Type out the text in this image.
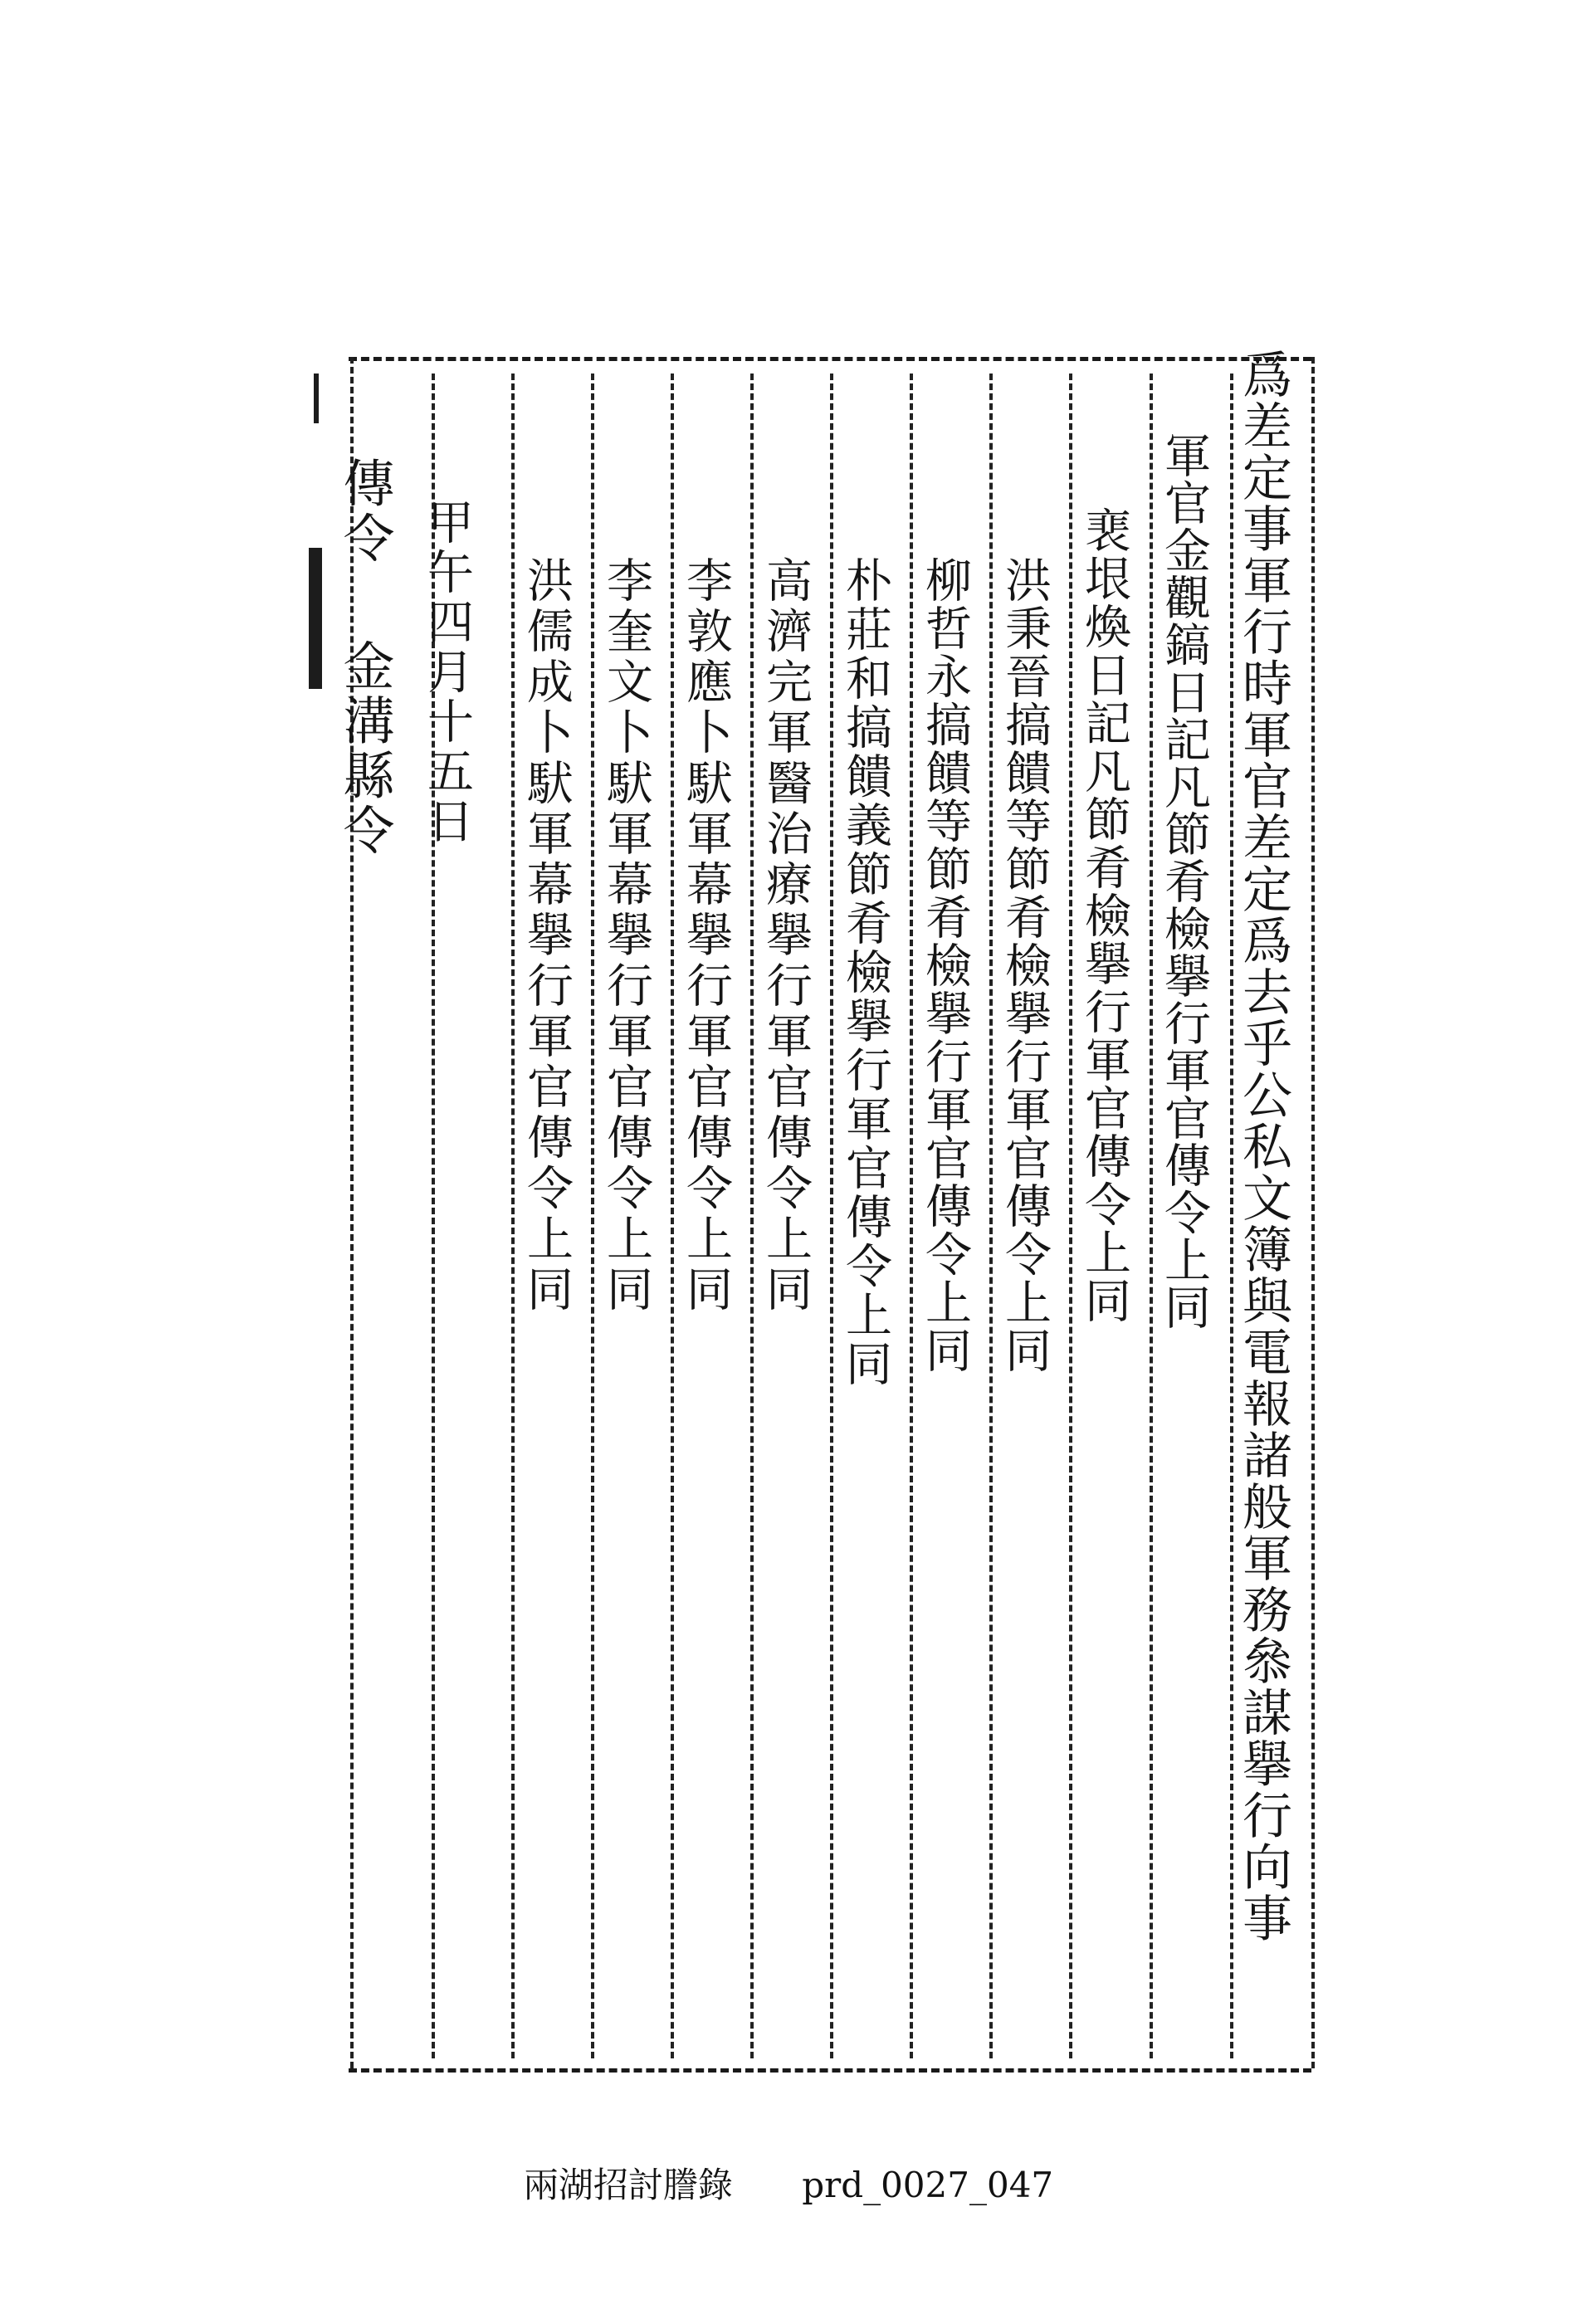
爲差定事軍行時軍官差定爲去乎公私文簿與電報諸般軍務叅謀擧行向事
軍官金觀鎬日記凡節肴檢擧行軍官傳令上同
裵垠煥日記凡節肴檢擧行軍官傳令上同
洪秉晉搞饋等節肴檢擧行軍官傳令上同
柳哲永搞饋等節肴檢擧行軍官傳令上同
朴莊和搞饋義節肴檢擧行軍官傳令上同
高濟完軍醫治療擧行軍官傳令上同
李敦應卜䭾軍幕擧行軍官傳令上同
李奎文卜䭾軍幕擧行軍官傳令上同
洪儒成卜䭾軍幕擧行軍官傳令上同
甲午四月十五日
傳令
金溝縣令
兩湖招討謄錄 prd_0027_047
